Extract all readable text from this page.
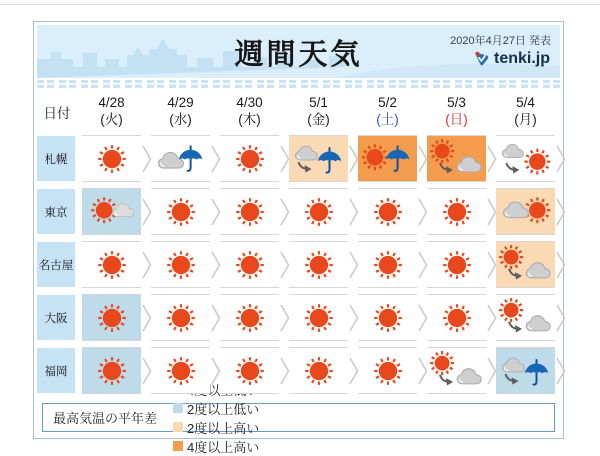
週間天気	2020年4月27日 発表
tenki.jp
日付
4/28
(火)
4/29
(水)
4/30
(木)
5/1
(金)
5/2
(土)
5/3
(日)
5/4
(月)
札幌
東京
名古屋
大阪
福岡
最高気温の平年差
2度以上低い
2度以上高い
4度以上高い
